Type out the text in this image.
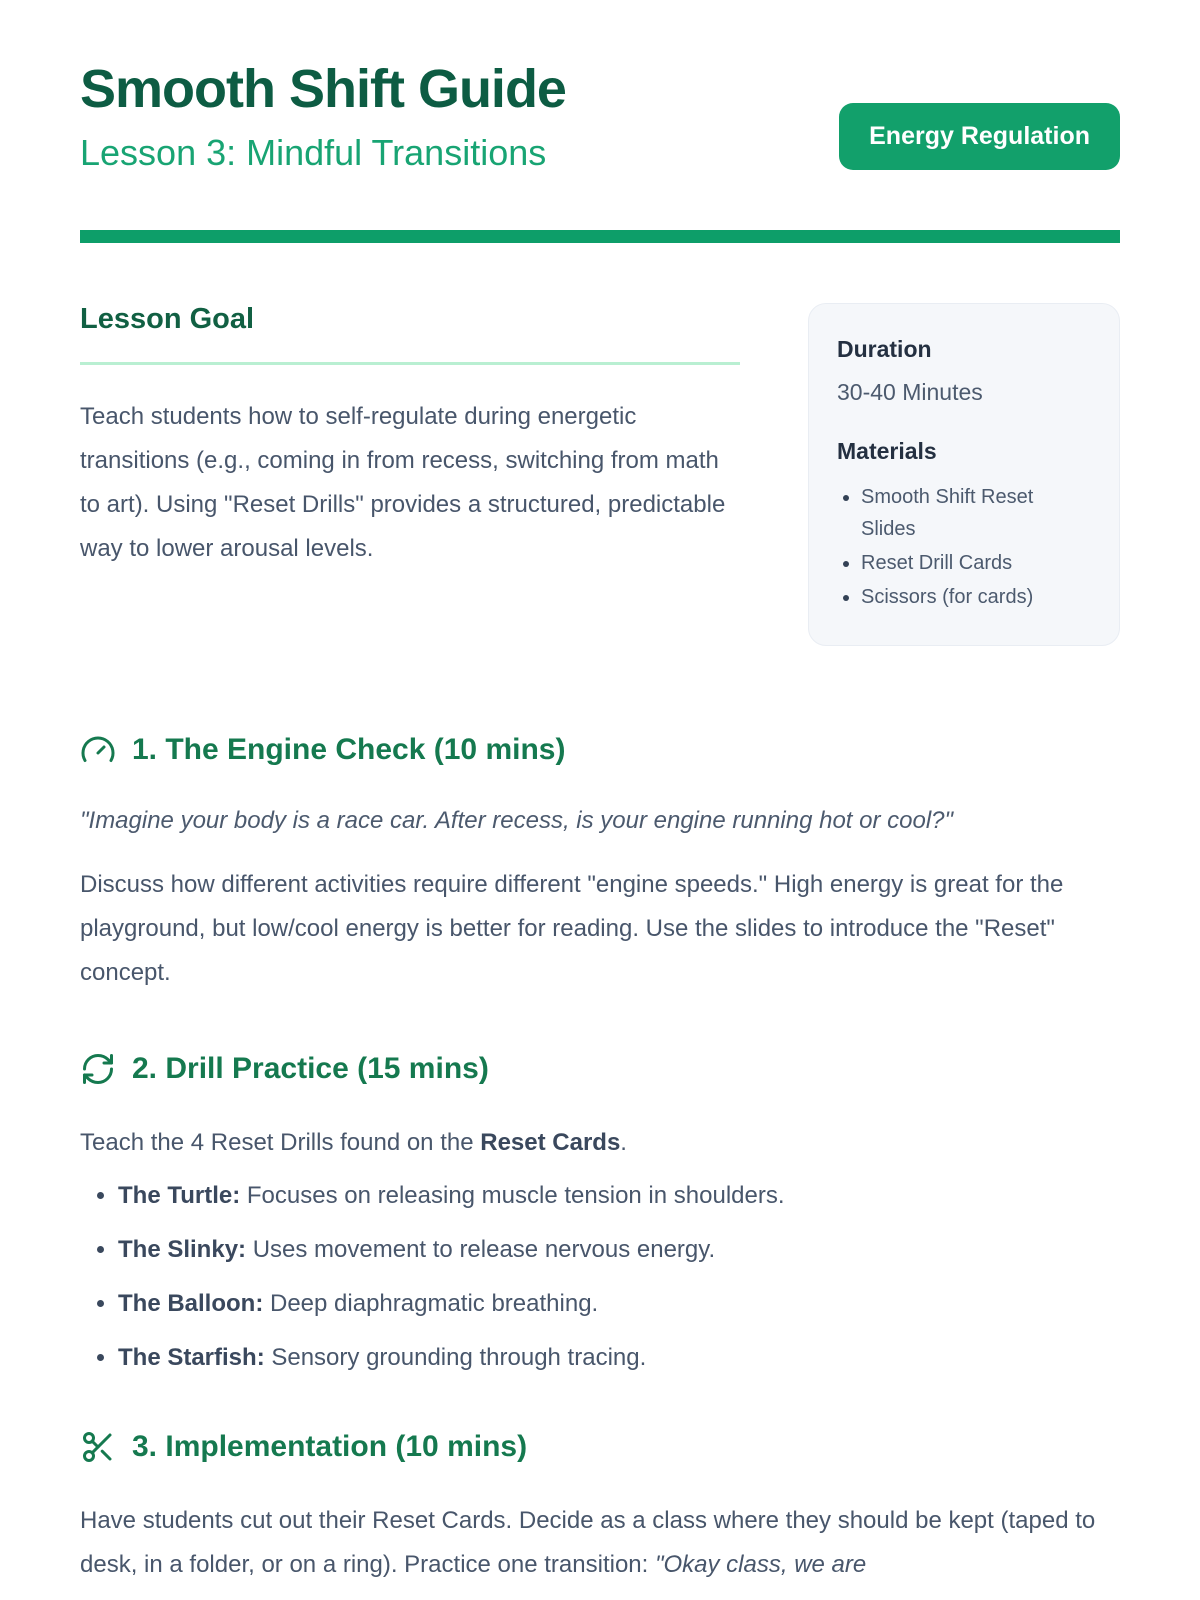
Smooth Shift Guide
Lesson 3: Mindful Transitions	Energy Regulation
Lesson Goal

Teach students how to self-regulate during energetic transitions (e.g., coming in from recess, switching from math to art). Using "Reset Drills" provides a structured, predictable way to lower arousal levels.

Duration

30-40 Minutes

Materials
• Smooth Shift Reset Slides
• Reset Drill Cards
• Scissors (for cards)
1. The Engine Check (10 mins)

"Imagine your body is a race car. After recess, is your engine running hot or cool?"

Discuss how different activities require different "engine speeds." High energy is great for the playground, but low/cool energy is better for reading. Use the slides to introduce the "Reset" concept.

2. Drill Practice (15 mins)

Teach the 4 Reset Drills found on the Reset Cards.

• The Turtle: Focuses on releasing muscle tension in shoulders.
• The Slinky: Uses movement to release nervous energy.
• The Balloon: Deep diaphragmatic breathing.
• The Starfish: Sensory grounding through tracing.
3. Implementation (10 mins)

Have students cut out their Reset Cards. Decide as a class where they should be kept (taped to desk, in a folder, or on a ring). Practice one transition: "Okay class, we are
